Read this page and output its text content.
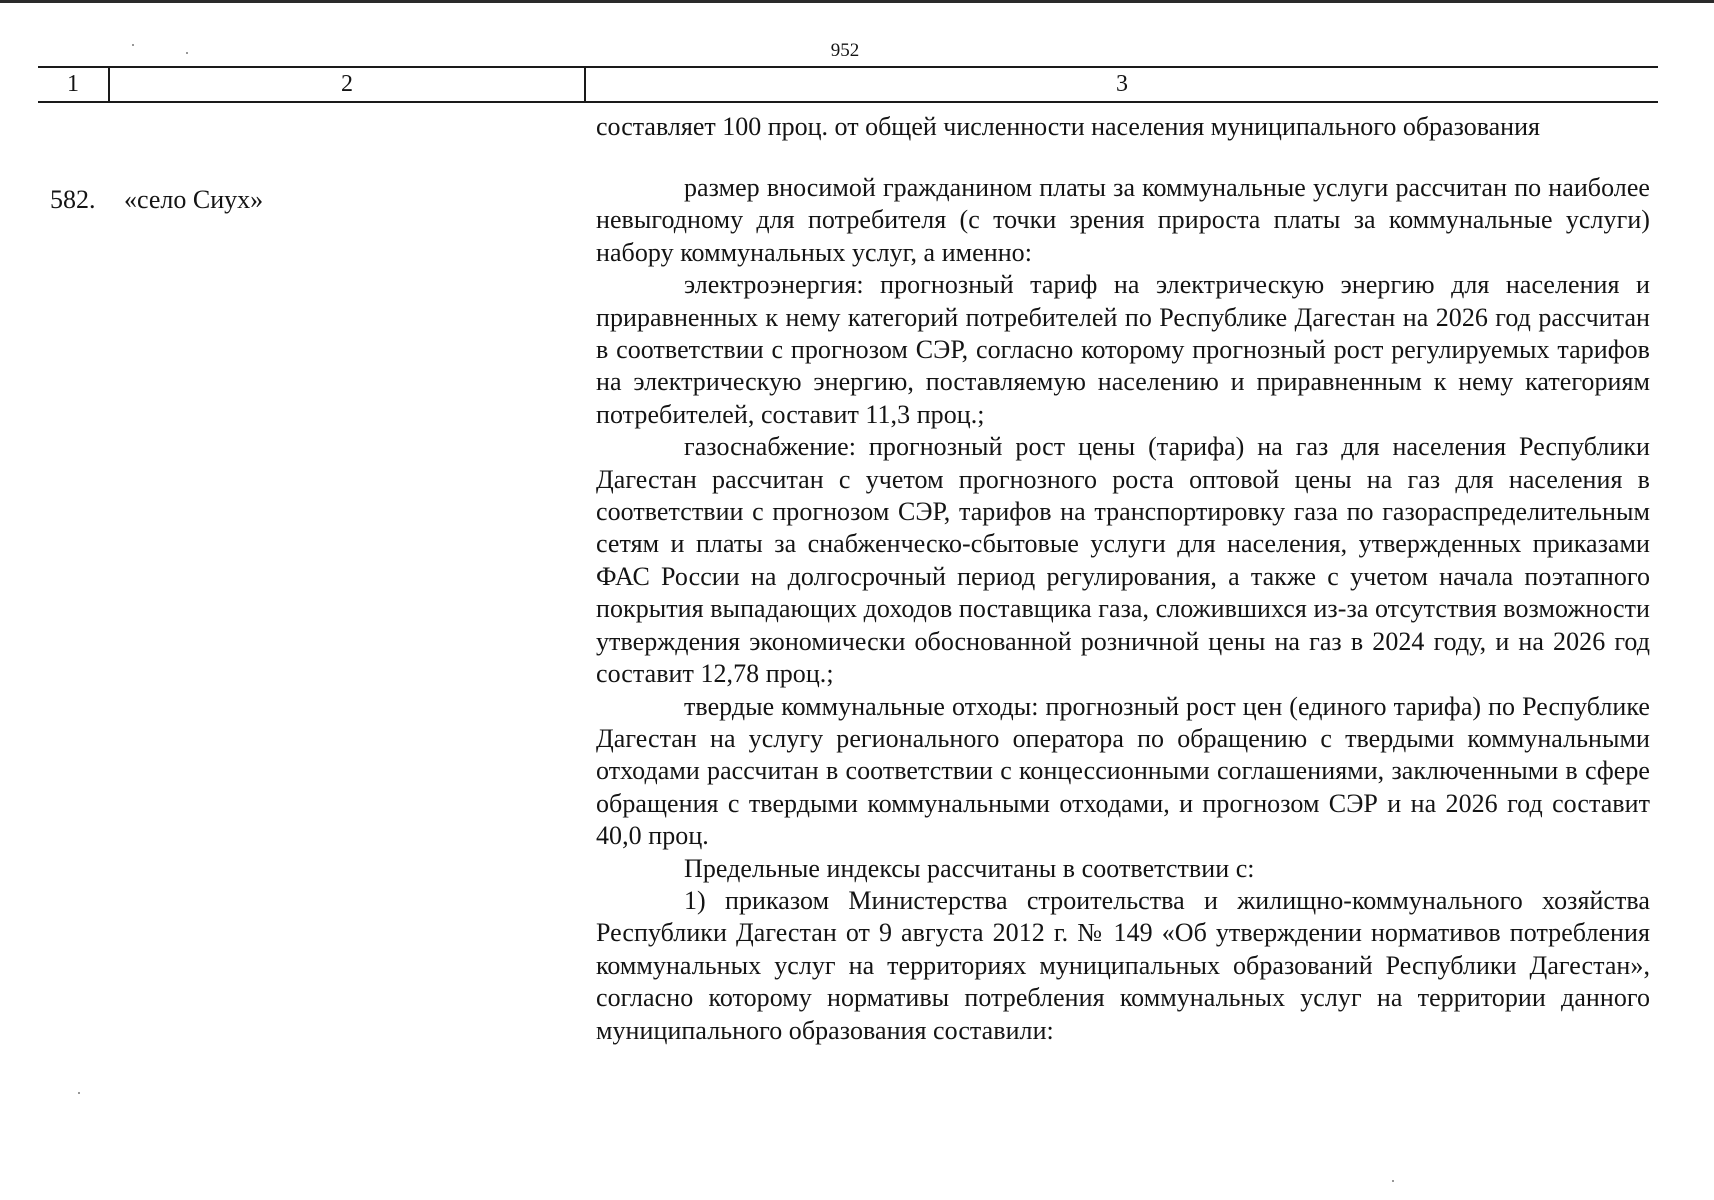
952
1	2	3
составляет 100 проц. от общей численности населения муниципального образования
582. «село Сиух»	размер вносимой гражданином платы за коммунальные услуги рассчитан по наиболее невыгодному для потребителя (с точки зрения прироста платы за коммунальные услуги) набору коммунальных услуг, а именно:

электроэнергия: прогнозный тариф на электрическую энергию для населения и приравненных к нему категорий потребителей по Республике Дагестан на 2026 год рассчитан в соответствии с прогнозом СЭР, согласно которому прогнозный рост регулируемых тарифов на электрическую энергию, поставляемую населению и приравненным к нему категориям потребителей, составит 11,3 проц.;

газоснабжение: прогнозный рост цены (тарифа) на газ для населения Республики Дагестан рассчитан с учетом прогнозного роста оптовой цены на газ для населения в соответствии с прогнозом СЭР, тарифов на транспортировку газа по газораспределительным сетям и платы за снабженческо-сбытовые услуги для населения, утвержденных приказами ФАС России на долгосрочный период регулирования, а также с учетом начала поэтапного покрытия выпадающих доходов поставщика газа, сложившихся из-за отсутствия возможности утверждения экономически обоснованной розничной цены на газ в 2024 году, и на 2026 год составит 12,78 проц.;

твердые коммунальные отходы: прогнозный рост цен (единого тарифа) по Республике Дагестан на услугу регионального оператора по обращению с твердыми коммунальными отходами рассчитан в соответствии с концессионными соглашениями, заключенными в сфере обращения с твердыми коммунальными отходами, и прогнозом СЭР и на 2026 год составит 40,0 проц.

Предельные индексы рассчитаны в соответствии с:

1) приказом Министерства строительства и жилищно-коммунального хозяйства Республики Дагестан от 9 августа 2012 г. № 149 «Об утверждении нормативов потребления коммунальных услуг на территориях муниципальных образований Республики Дагестан», согласно которому нормативы потребления коммунальных услуг на территории данного муниципального образования составили:
